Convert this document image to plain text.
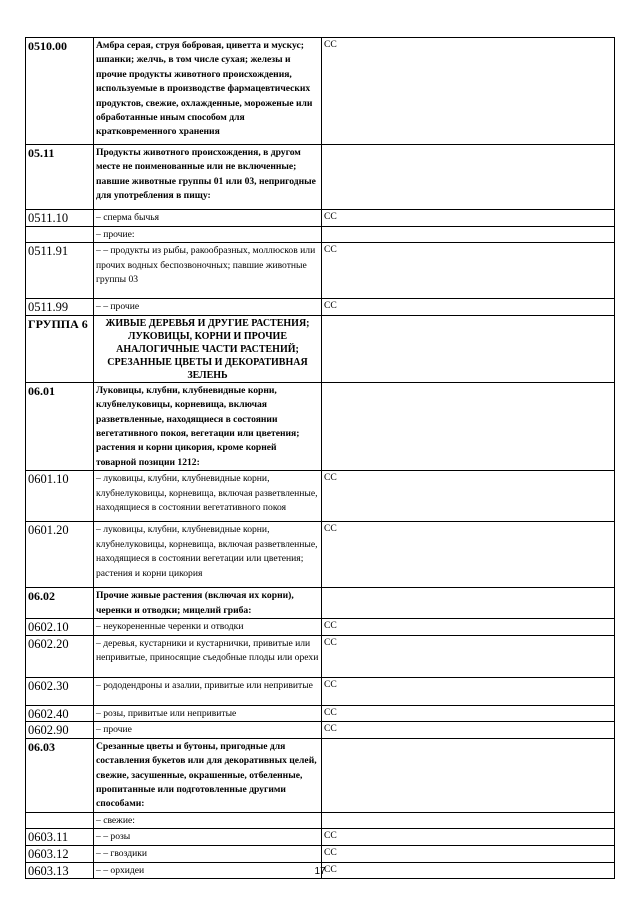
0510.00	Амбра серая, струя бобровая, циветта и мускус; шпанки; желчь, в том числе сухая; железы и прочие продукты животного происхождения, используемые в производстве фармацевтических продуктов, свежие, охлажденные, мороженые или обработанные иным способом для кратковременного хранения	СС
05.11	Продукты животного происхождения, в другом месте не поименованные или не включенные; павшие животные группы 01 или 03, непригодные для употребления в пищу:	
0511.10	– сперма бычья	СС
	– прочие:	
0511.91	– – продукты из рыбы, ракообразных, моллюсков или прочих водных беспозвоночных; павшие животные группы 03	СС
0511.99	– – прочие	СС
ГРУППА 6	ЖИВЫЕ ДЕРЕВЬЯ И ДРУГИЕ РАСТЕНИЯ; ЛУКОВИЦЫ, КОРНИ И ПРОЧИЕ АНАЛОГИЧНЫЕ ЧАСТИ РАСТЕНИЙ; СРЕЗАННЫЕ ЦВЕТЫ И ДЕКОРАТИВНАЯ ЗЕЛЕНЬ	
06.01	Луковицы, клубни, клубневидные корни, клубнелуковицы, корневища, включая разветвленные, находящиеся в состоянии вегетативного покоя, вегетации или цветения; растения и корни цикория, кроме корней товарной позиции 1212:	
0601.10	– луковицы, клубни, клубневидные корни, клубнелуковицы, корневища, включая разветвленные, находящиеся в состоянии вегетативного покоя	СС
0601.20	– луковицы, клубни, клубневидные корни, клубнелуковицы, корневища, включая разветвленные, находящиеся в состоянии вегетации или цветения; растения и корни цикория	СС
06.02	Прочие живые растения (включая их корни), черенки и отводки; мицелий гриба:	
0602.10	– неукорененные черенки и отводки	СС
0602.20	– деревья, кустарники и кустарнички, привитые или непривитые, приносящие съедобные плоды или орехи	СС
0602.30	– рододендроны и азалии, привитые или непривитые	СС
0602.40	– розы, привитые или непривитые	СС
0602.90	– прочие	СС
06.03	Срезанные цветы и бутоны, пригодные для составления букетов или для декоративных целей, свежие, засушенные, окрашенные, отбеленные, пропитанные или подготовленные другими способами:	
	– свежие:	
0603.11	– – розы	СС
0603.12	– – гвоздики	СС
0603.13	– – орхидеи	СС
17
